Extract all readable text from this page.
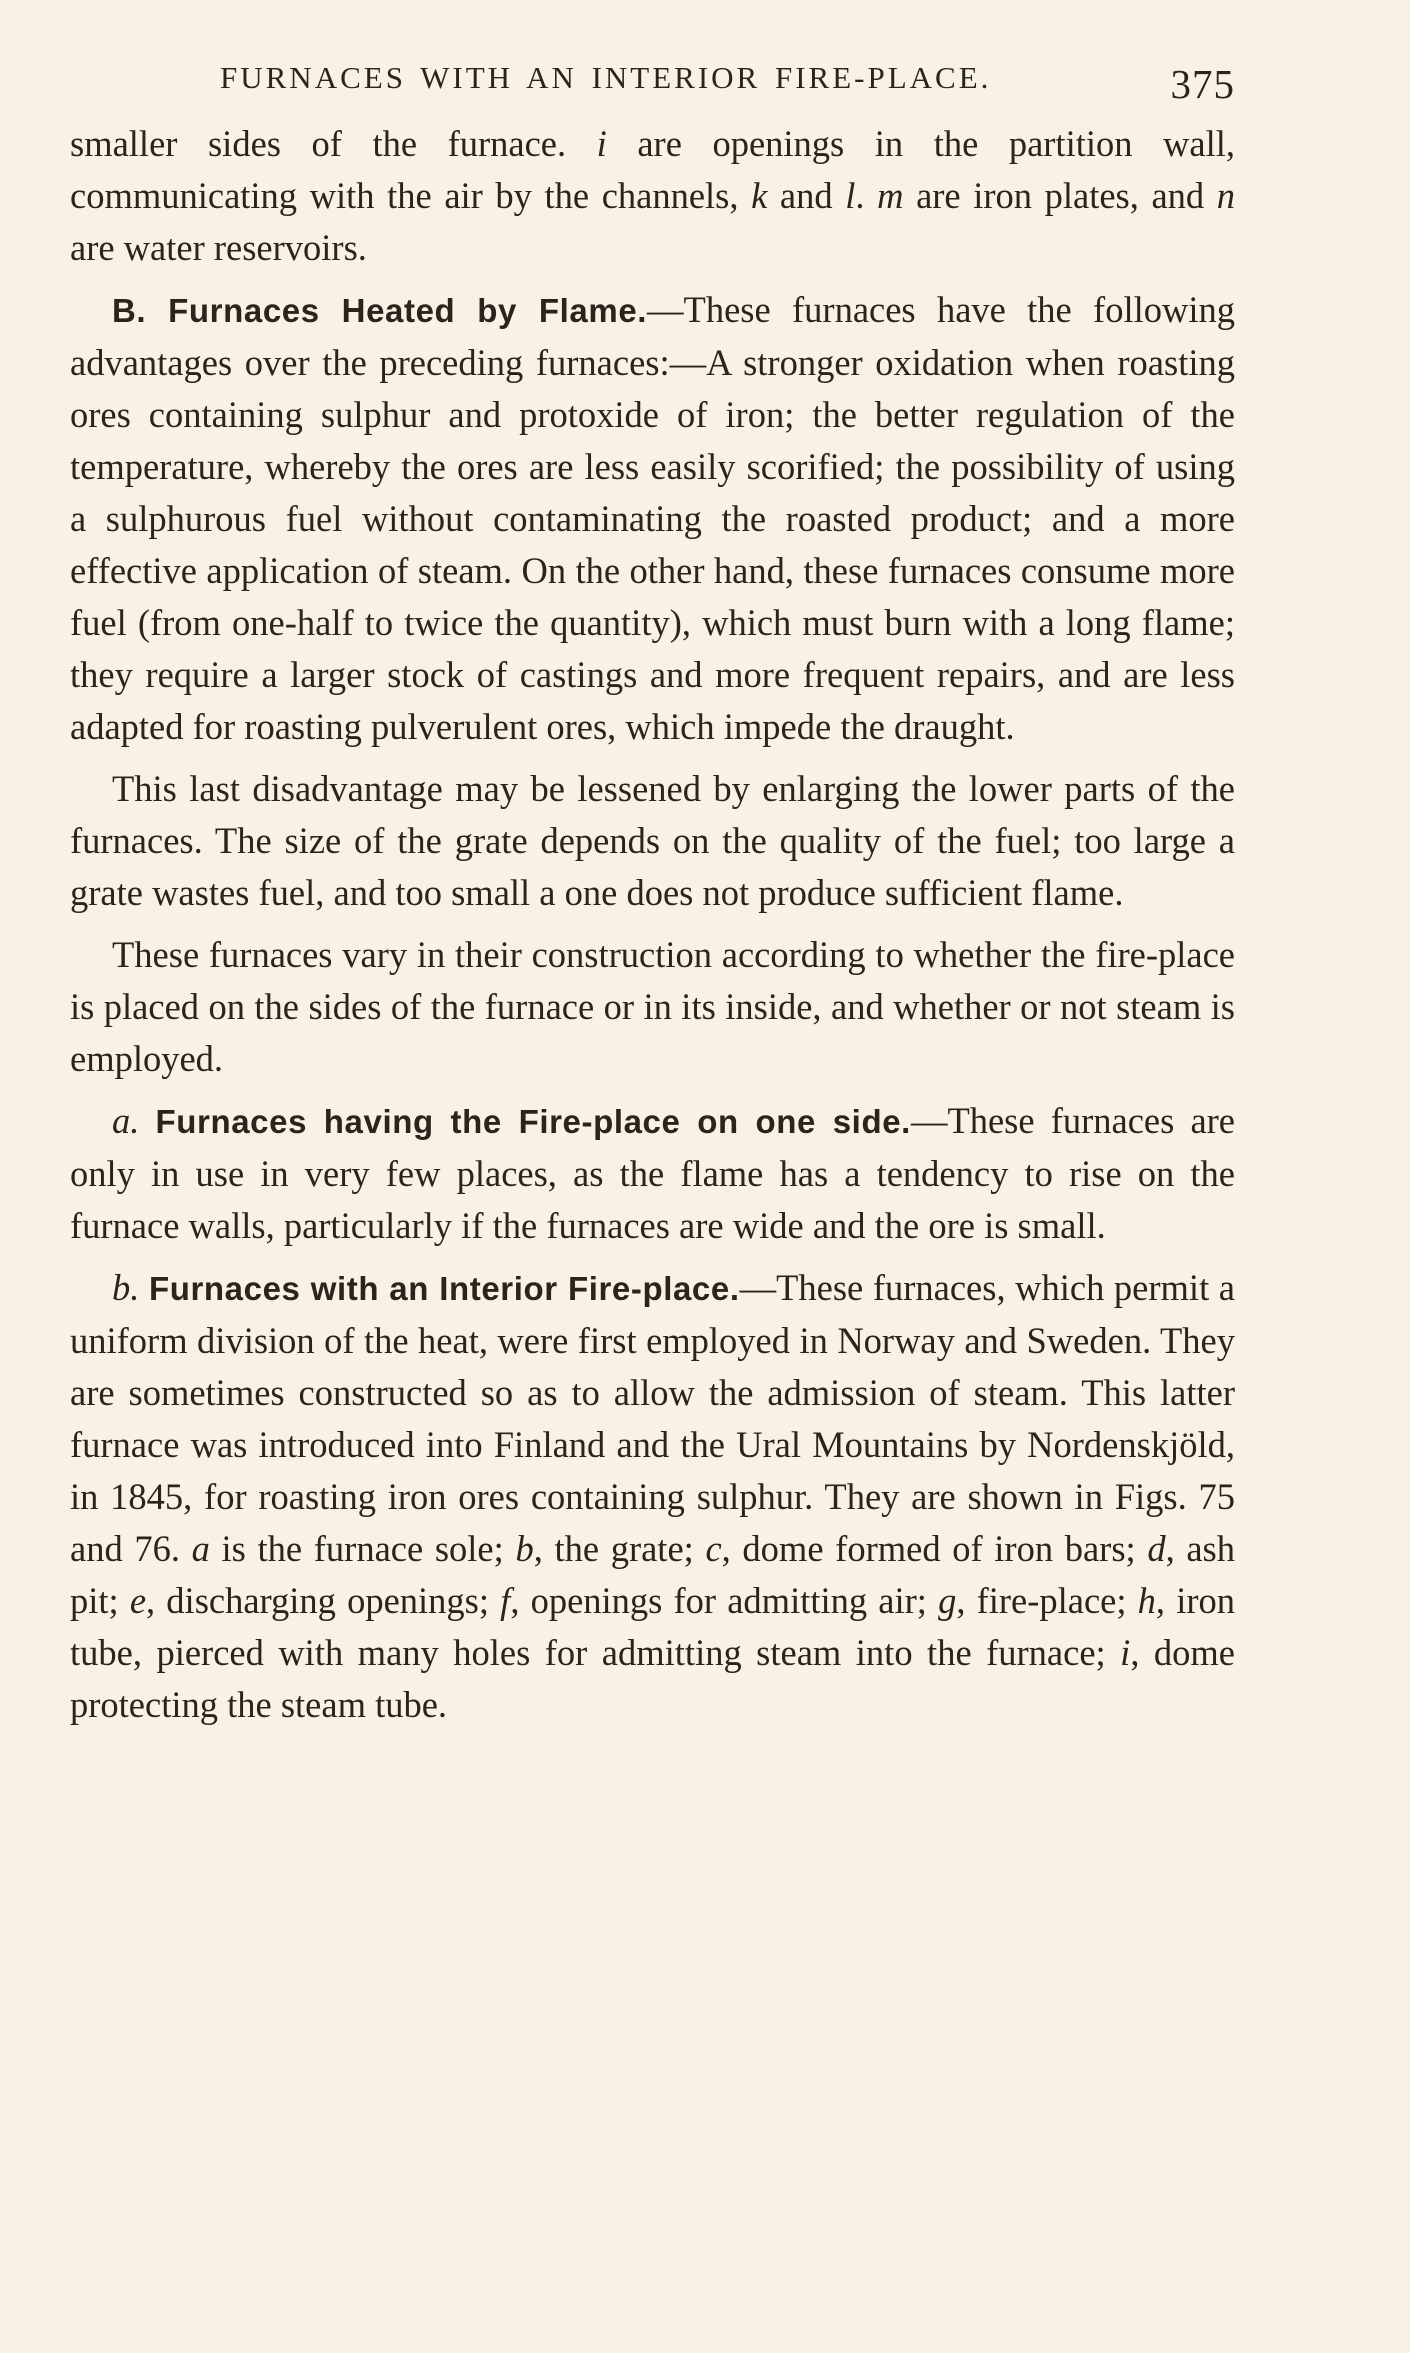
FURNACES WITH AN INTERIOR FIRE-PLACE.	375

smaller sides of the furnace. i are openings in the partition wall, communicating with the air by the channels, k and l. m are iron plates, and n are water reservoirs.

B. Furnaces Heated by Flame.—These furnaces have the following advantages over the preceding furnaces:—A stronger oxidation when roasting ores containing sulphur and protoxide of iron; the better regulation of the temperature, whereby the ores are less easily scorified; the possibility of using a sulphurous fuel without contaminating the roasted product; and a more effective application of steam. On the other hand, these furnaces consume more fuel (from one-half to twice the quantity), which must burn with a long flame; they require a larger stock of castings and more frequent repairs, and are less adapted for roasting pulverulent ores, which impede the draught.

This last disadvantage may be lessened by enlarging the lower parts of the furnaces. The size of the grate depends on the quality of the fuel; too large a grate wastes fuel, and too small a one does not produce sufficient flame.

These furnaces vary in their construction according to whether the fire-place is placed on the sides of the furnace or in its inside, and whether or not steam is employed.

a. Furnaces having the Fire-place on one side.—These furnaces are only in use in very few places, as the flame has a tendency to rise on the furnace walls, particularly if the furnaces are wide and the ore is small.

b. Furnaces with an Interior Fire-place.—These furnaces, which permit a uniform division of the heat, were first employed in Norway and Sweden. They are sometimes constructed so as to allow the admission of steam. This latter furnace was introduced into Finland and the Ural Mountains by Nordenskjöld, in 1845, for roasting iron ores containing sulphur. They are shown in Figs. 75 and 76. a is the furnace sole; b, the grate; c, dome formed of iron bars; d, ash pit; e, discharging openings; f, openings for admitting air; g, fire-place; h, iron tube, pierced with many holes for admitting steam into the furnace; i, dome protecting the steam tube.
